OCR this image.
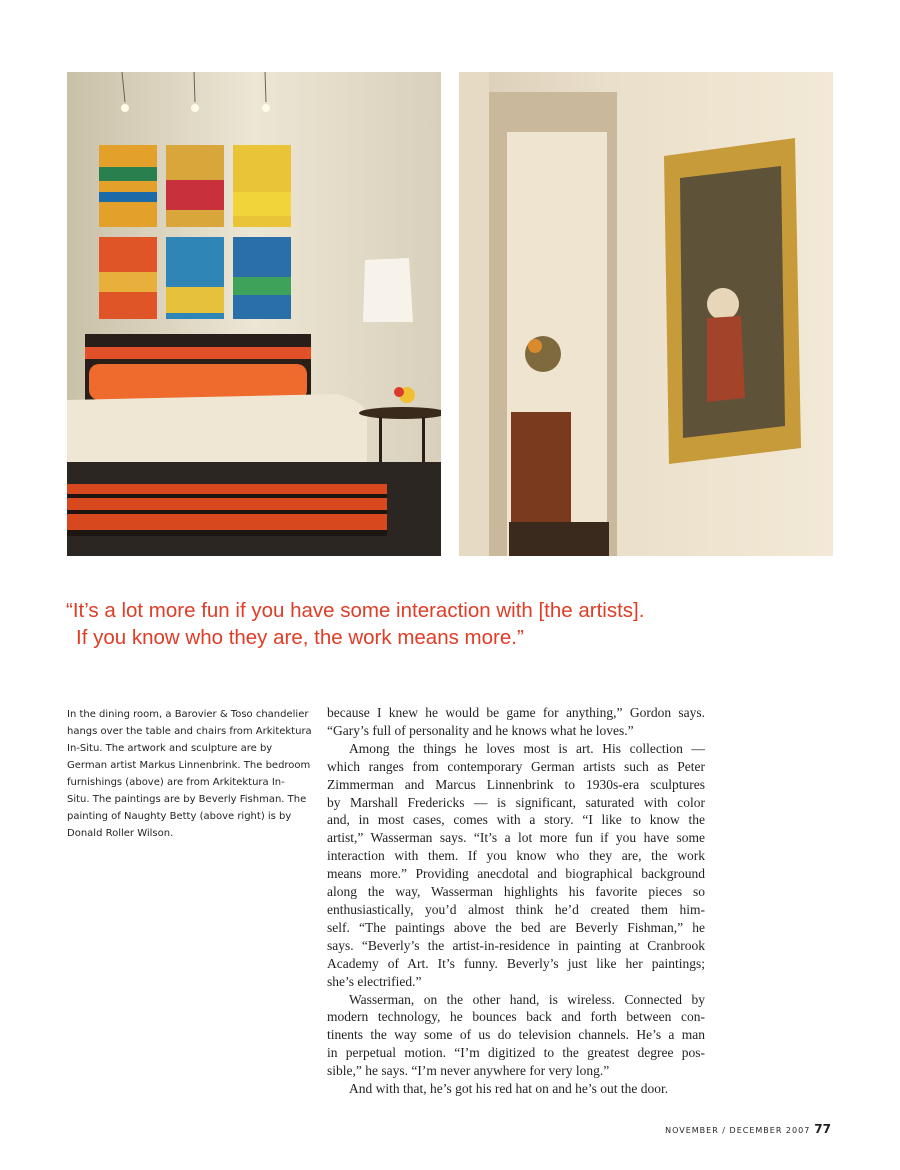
“It’s a lot more fun if you have some interaction with [the artists].
If you know who they are, the work means more.”
In the dining room, a Barovier & Toso chandelier
hangs over the table and chairs from Arkitektura
In-Situ. The artwork and sculpture are by
German artist Markus Linnenbrink. The bedroom
furnishings (above) are from Arkitektura In-
Situ. The paintings are by Beverly Fishman. The
painting of Naughty Betty (above right) is by
Donald Roller Wilson.
because I knew he would be game for anything,” Gordon says.
“Gary’s full of personality and he knows what he loves.”
Among the things he loves most is art. His collection —
which ranges from contemporary German artists such as Peter
Zimmerman and Marcus Linnenbrink to 1930s-era sculptures
by Marshall Fredericks — is significant, saturated with color
and, in most cases, comes with a story. “I like to know the
artist,” Wasserman says. “It’s a lot more fun if you have some
interaction with them. If you know who they are, the work
means more.” Providing anecdotal and biographical background
along the way, Wasserman highlights his favorite pieces so
enthusiastically, you’d almost think he’d created them him-
self. “The paintings above the bed are Beverly Fishman,” he
says. “Beverly’s the artist-in-residence in painting at Cranbrook
Academy of Art. It’s funny. Beverly’s just like her paintings;
she’s electrified.”
Wasserman, on the other hand, is wireless. Connected by
modern technology, he bounces back and forth between con-
tinents the way some of us do television channels. He’s a man
in perpetual motion. “I’m digitized to the greatest degree pos-
sible,” he says. “I’m never anywhere for very long.”
And with that, he’s got his red hat on and he’s out the door.
NOVEMBER / DECEMBER 2007 77
